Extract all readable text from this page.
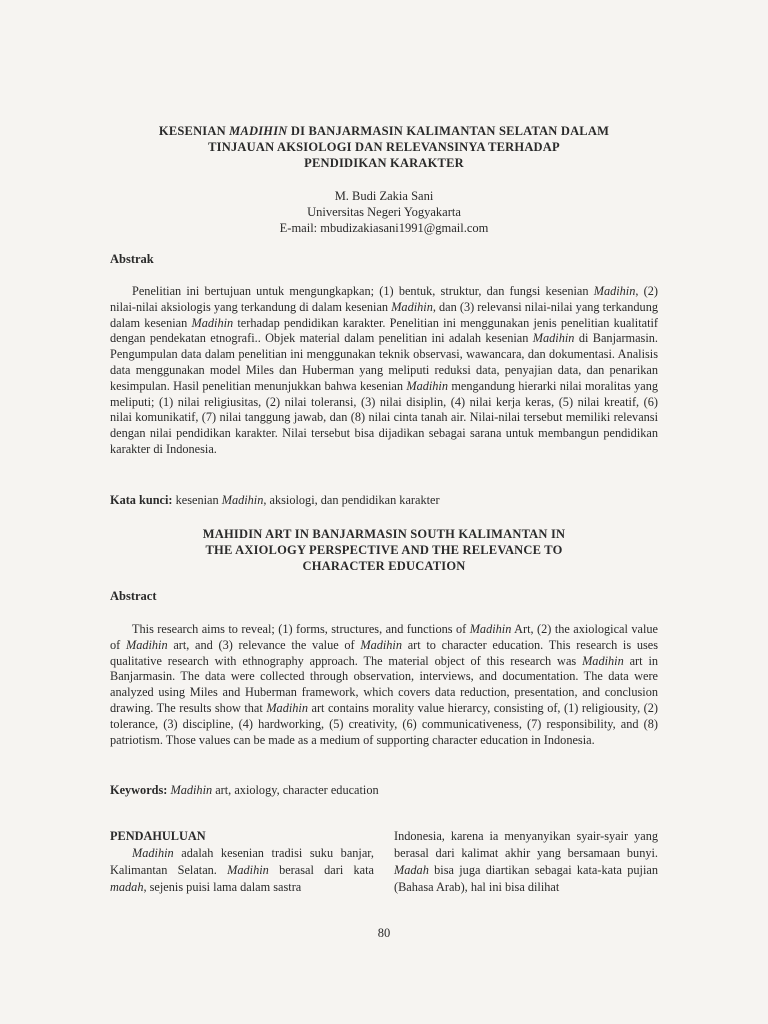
KESENIAN MADIHIN DI BANJARMASIN KALIMANTAN SELATAN DALAM
TINJAUAN AKSIOLOGI DAN RELEVANSINYA TERHADAP
PENDIDIKAN KARAKTER
M. Budi Zakia Sani
Universitas Negeri Yogyakarta
E-mail: mbudizakiasani1991@gmail.com
Abstrak

Penelitian ini bertujuan untuk mengungkapkan; (1) bentuk, struktur, dan fungsi kesenian Madihin, (2) nilai-nilai aksiologis yang terkandung di dalam kesenian Madihin, dan (3) relevansi nilai-nilai yang terkandung dalam kesenian Madihin terhadap pendidikan karakter. Penelitian ini menggunakan jenis penelitian kualitatif dengan pendekatan etnografi.. Objek material dalam penelitian ini adalah kesenian Madihin di Banjarmasin. Pengumpulan data dalam penelitian ini menggunakan teknik observasi, wawancara, dan dokumentasi. Analisis data menggunakan model Miles dan Huberman yang meliputi reduksi data, penyajian data, dan penarikan kesimpulan. Hasil penelitian menunjukkan bahwa kesenian Madihin mengandung hierarki nilai moralitas yang meliputi; (1) nilai religiusitas, (2) nilai toleransi, (3) nilai disiplin, (4) nilai kerja keras, (5) nilai kreatif, (6) nilai komunikatif, (7) nilai tanggung jawab, dan (8) nilai cinta tanah air. Nilai-nilai tersebut memiliki relevansi dengan nilai pendidikan karakter. Nilai tersebut bisa dijadikan sebagai sarana untuk membangun pendidikan karakter di Indonesia.

Kata kunci: kesenian Madihin, aksiologi, dan pendidikan karakter
MAHIDIN ART IN BANJARMASIN SOUTH KALIMANTAN IN
THE AXIOLOGY PERSPECTIVE AND THE RELEVANCE TO
CHARACTER EDUCATION
Abstract

This research aims to reveal; (1) forms, structures, and functions of Madihin Art, (2) the axiological value of Madihin art, and (3) relevance the value of Madihin art to character education. This research is uses qualitative research with ethnography approach. The material object of this research was Madihin art in Banjarmasin. The data were collected through observation, interviews, and documentation. The data were analyzed using Miles and Huberman framework, which covers data reduction, presentation, and conclusion drawing. The results show that Madihin art contains morality value hierarcy, consisting of, (1) religiousity, (2) tolerance, (3) discipline, (4) hardworking, (5) creativity, (6) communicativeness, (7) responsibility, and (8) patriotism. Those values can be made as a medium of supporting character education in Indonesia.

Keywords: Madihin art, axiology, character education

PENDAHULUAN

Madihin adalah kesenian tradisi suku banjar, Kalimantan Selatan. Madihin berasal dari kata madah, sejenis puisi lama dalam sastra

Indonesia, karena ia menyanyikan syair-syair yang berasal dari kalimat akhir yang bersamaan bunyi. Madah bisa juga diartikan sebagai kata-kata pujian (Bahasa Arab), hal ini bisa dilihat

80
